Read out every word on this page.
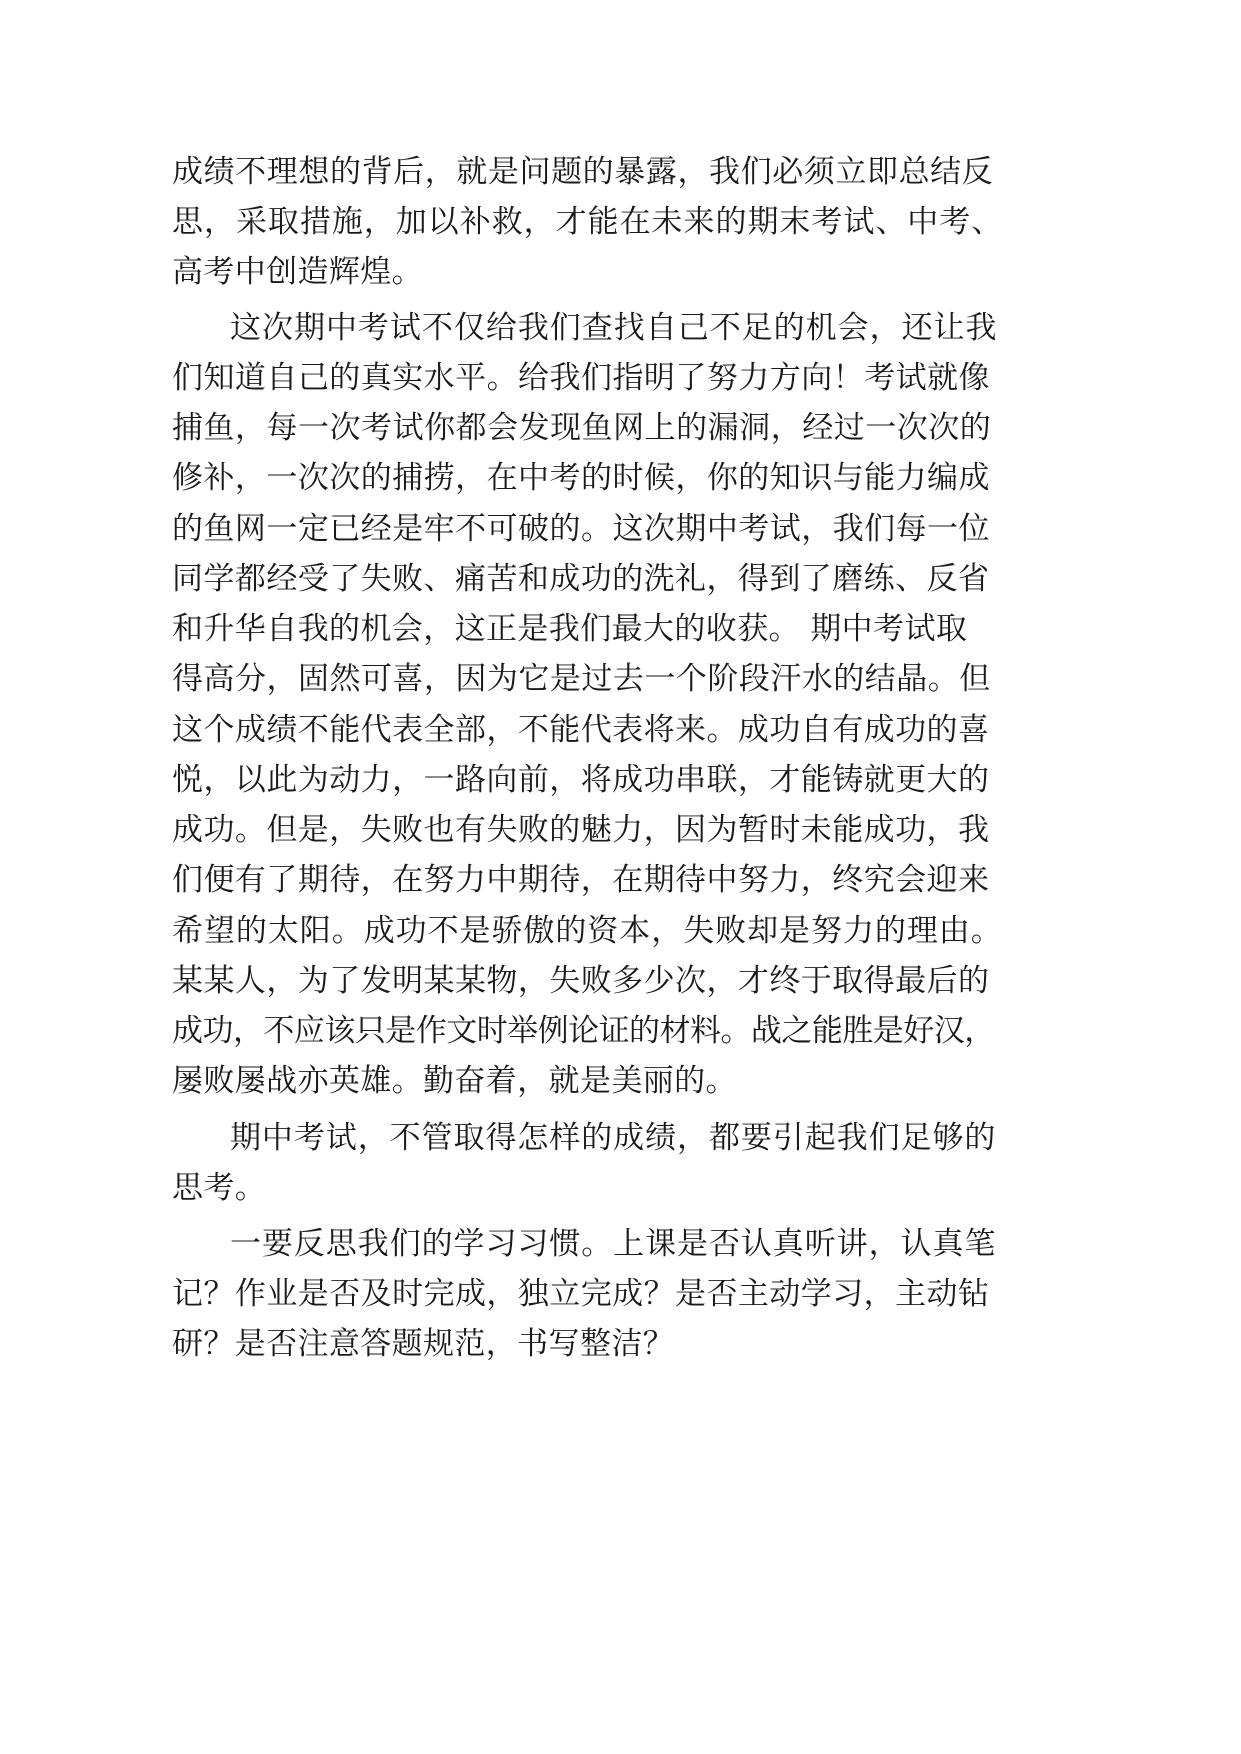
成绩不理想的背后，就是问题的暴露，我们必须立即总结反
思，采取措施，加以补救，才能在未来的期末考试、中考、
高考中创造辉煌。
这次期中考试不仅给我们查找自己不足的机会，还让我
们知道自己的真实水平。给我们指明了努力方向！考试就像
捕鱼，每一次考试你都会发现鱼网上的漏洞，经过一次次的
修补，一次次的捕捞，在中考的时候，你的知识与能力编成
的鱼网一定已经是牢不可破的。这次期中考试，我们每一位
同学都经受了失败、痛苦和成功的洗礼，得到了磨练、反省
和升华自我的机会，这正是我们最大的收获。 期中考试取
得高分，固然可喜，因为它是过去一个阶段汗水的结晶。但
这个成绩不能代表全部，不能代表将来。成功自有成功的喜
悦，以此为动力，一路向前，将成功串联，才能铸就更大的
成功。但是，失败也有失败的魅力，因为暂时未能成功，我
们便有了期待，在努力中期待，在期待中努力，终究会迎来
希望的太阳。成功不是骄傲的资本，失败却是努力的理由。
某某人，为了发明某某物，失败多少次，才终于取得最后的
成功，不应该只是作文时举例论证的材料。战之能胜是好汉，
屡败屡战亦英雄。勤奋着，就是美丽的。
期中考试，不管取得怎样的成绩，都要引起我们足够的
思考。
一要反思我们的学习习惯。上课是否认真听讲，认真笔
记？作业是否及时完成，独立完成？是否主动学习，主动钻
研？是否注意答题规范，书写整洁？
